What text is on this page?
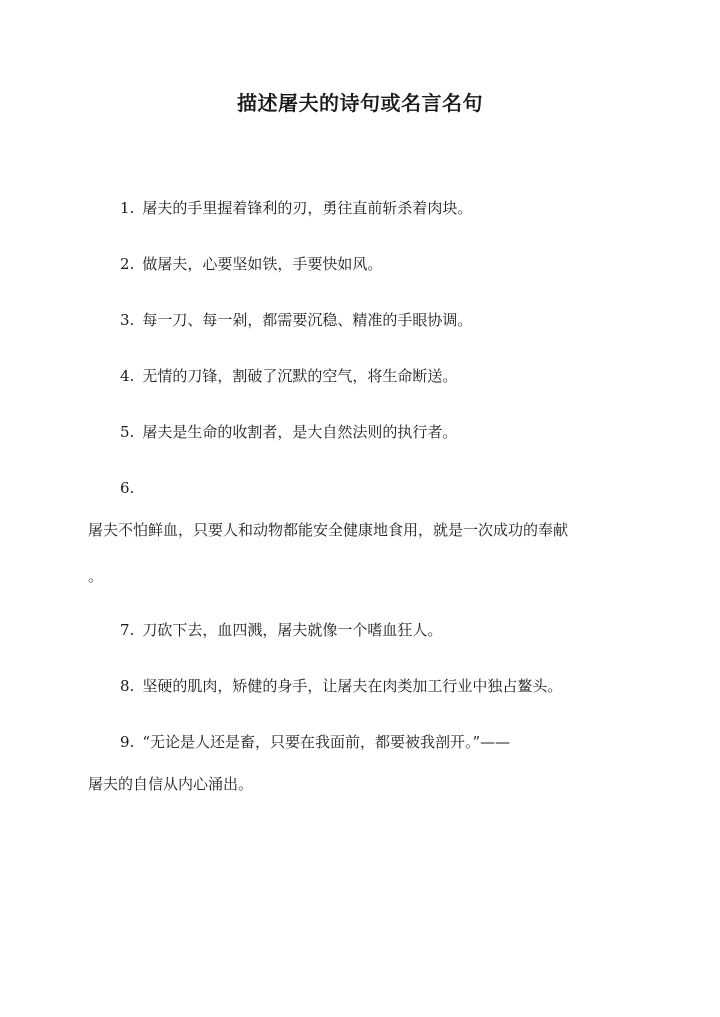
描述屠夫的诗句或名言名句
1. 屠夫的手里握着锋利的刃，勇往直前斩杀着肉块。
2. 做屠夫，心要坚如铁，手要快如风。
3. 每一刀、每一剁，都需要沉稳、精准的手眼协调。
4. 无情的刀锋，割破了沉默的空气，将生命断送。
5. 屠夫是生命的收割者，是大自然法则的执行者。
6.
屠夫不怕鲜血，只要人和动物都能安全健康地食用，就是一次成功的奉献
。
7. 刀砍下去，血四溅，屠夫就像一个嗜血狂人。
8. 坚硬的肌肉，矫健的身手，让屠夫在肉类加工行业中独占鳌头。
9. “无论是人还是畜，只要在我面前，都要被我剖开。”——
屠夫的自信从内心涌出。
